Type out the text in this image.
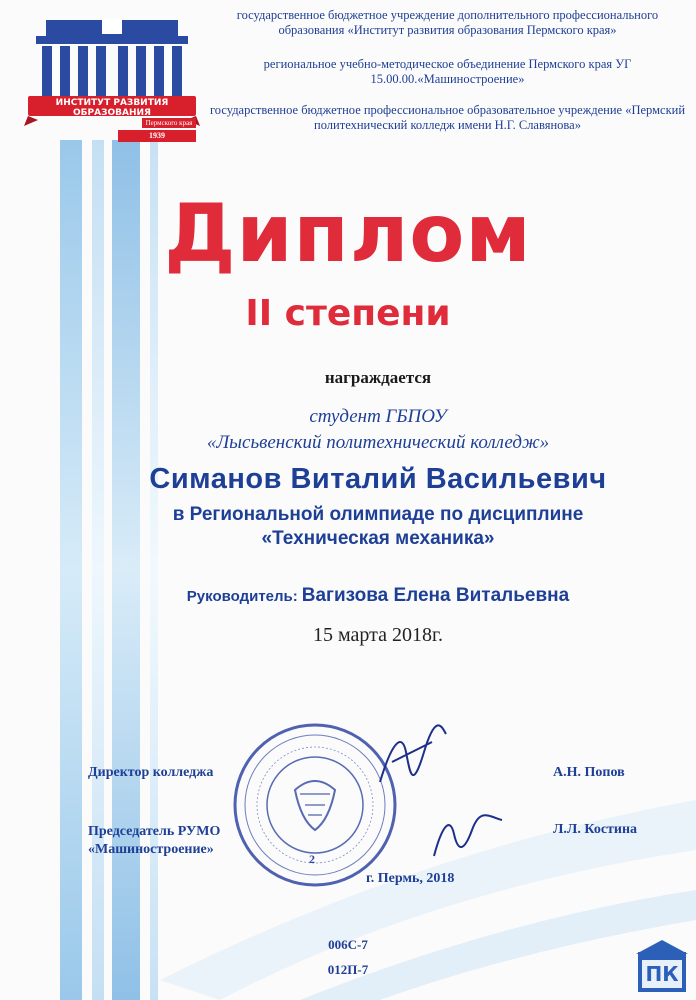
ИНСТИТУТ РАЗВИТИЯ ОБРАЗОВАНИЯ
Пермского края
1939
государственное бюджетное учреждение дополнительного профессионального образования «Институт развития образования Пермского края»
региональное учебно-методическое объединение Пермского края УГ 15.00.00.«Машиностроение»
государственное бюджетное профессиональное образовательное учреждение «Пермский политехнический колледж имени Н.Г. Славянова»
Диплом
II степени
награждается
студент ГБПОУ
«Лысьвенский политехнический колледж»
Симанов Виталий Васильевич
в Региональной олимпиаде по дисциплине
«Техническая механика»
Руководитель: Вагизова Елена Витальевна
15 марта 2018г.
2
Директор колледжа	А.Н. Попов
Председатель РУМО
«Машиностроение»
Л.Л. Костина
г. Пермь, 2018
006С-7
012П-7	ПК
